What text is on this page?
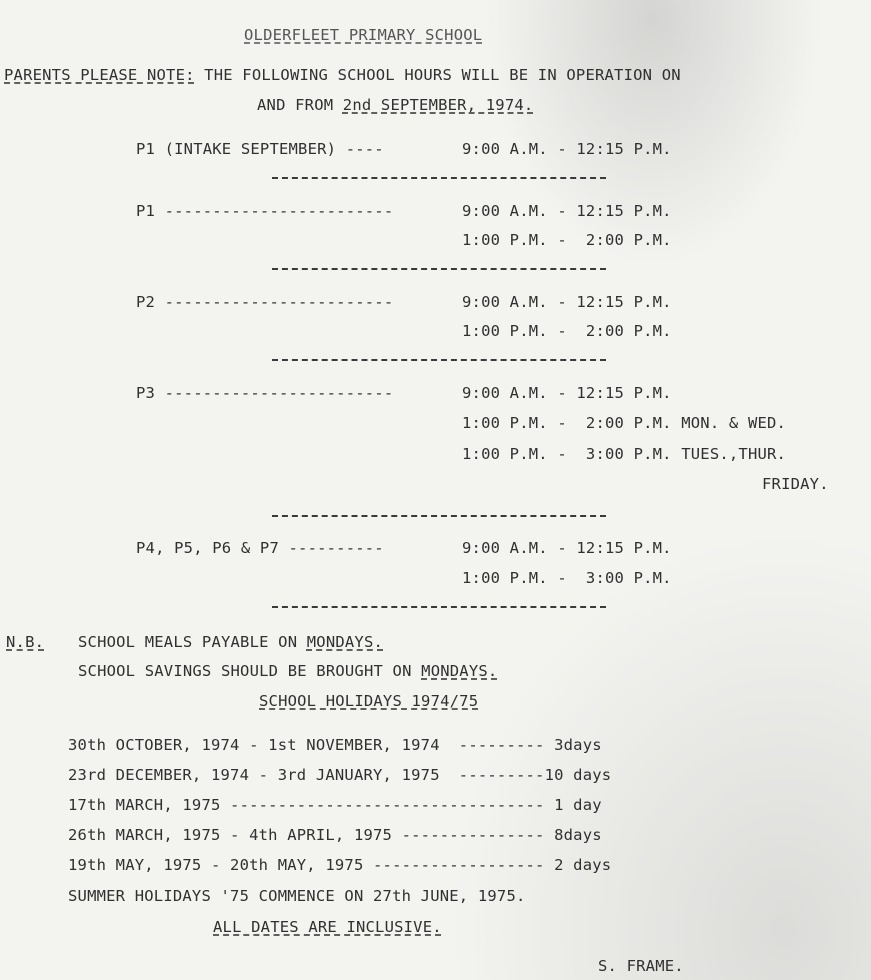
OLDERFLEET PRIMARY SCHOOL
PARENTS PLEASE NOTE: THE FOLLOWING SCHOOL HOURS WILL BE IN OPERATION ON
AND FROM 2nd SEPTEMBER, 1974.
P1 (INTAKE SEPTEMBER) ----	9:00 A.M. - 12:15 P.M.
P1 ------------------------	9:00 A.M. - 12:15 P.M.
1:00 P.M. -  2:00 P.M.
P2 ------------------------	9:00 A.M. - 12:15 P.M.
1:00 P.M. -  2:00 P.M.
P3 ------------------------	9:00 A.M. - 12:15 P.M.
1:00 P.M. -  2:00 P.M. MON. & WED.
1:00 P.M. -  3:00 P.M. TUES.,THUR.
FRIDAY.
P4, P5, P6 & P7 ----------	9:00 A.M. - 12:15 P.M.
1:00 P.M. -  3:00 P.M.
N.B. SCHOOL MEALS PAYABLE ON MONDAYS.
SCHOOL SAVINGS SHOULD BE BROUGHT ON MONDAYS.
SCHOOL HOLIDAYS 1974/75
30th OCTOBER, 1974 - 1st NOVEMBER, 1974  --------- 3days
23rd DECEMBER, 1974 - 3rd JANUARY, 1975  ---------10 days
17th MARCH, 1975 --------------------------------- 1 day
26th MARCH, 1975 - 4th APRIL, 1975 --------------- 8days
19th MAY, 1975 - 20th MAY, 1975 ------------------ 2 days
SUMMER HOLIDAYS '75 COMMENCE ON 27th JUNE, 1975.
ALL DATES ARE INCLUSIVE.
S. FRAME.
